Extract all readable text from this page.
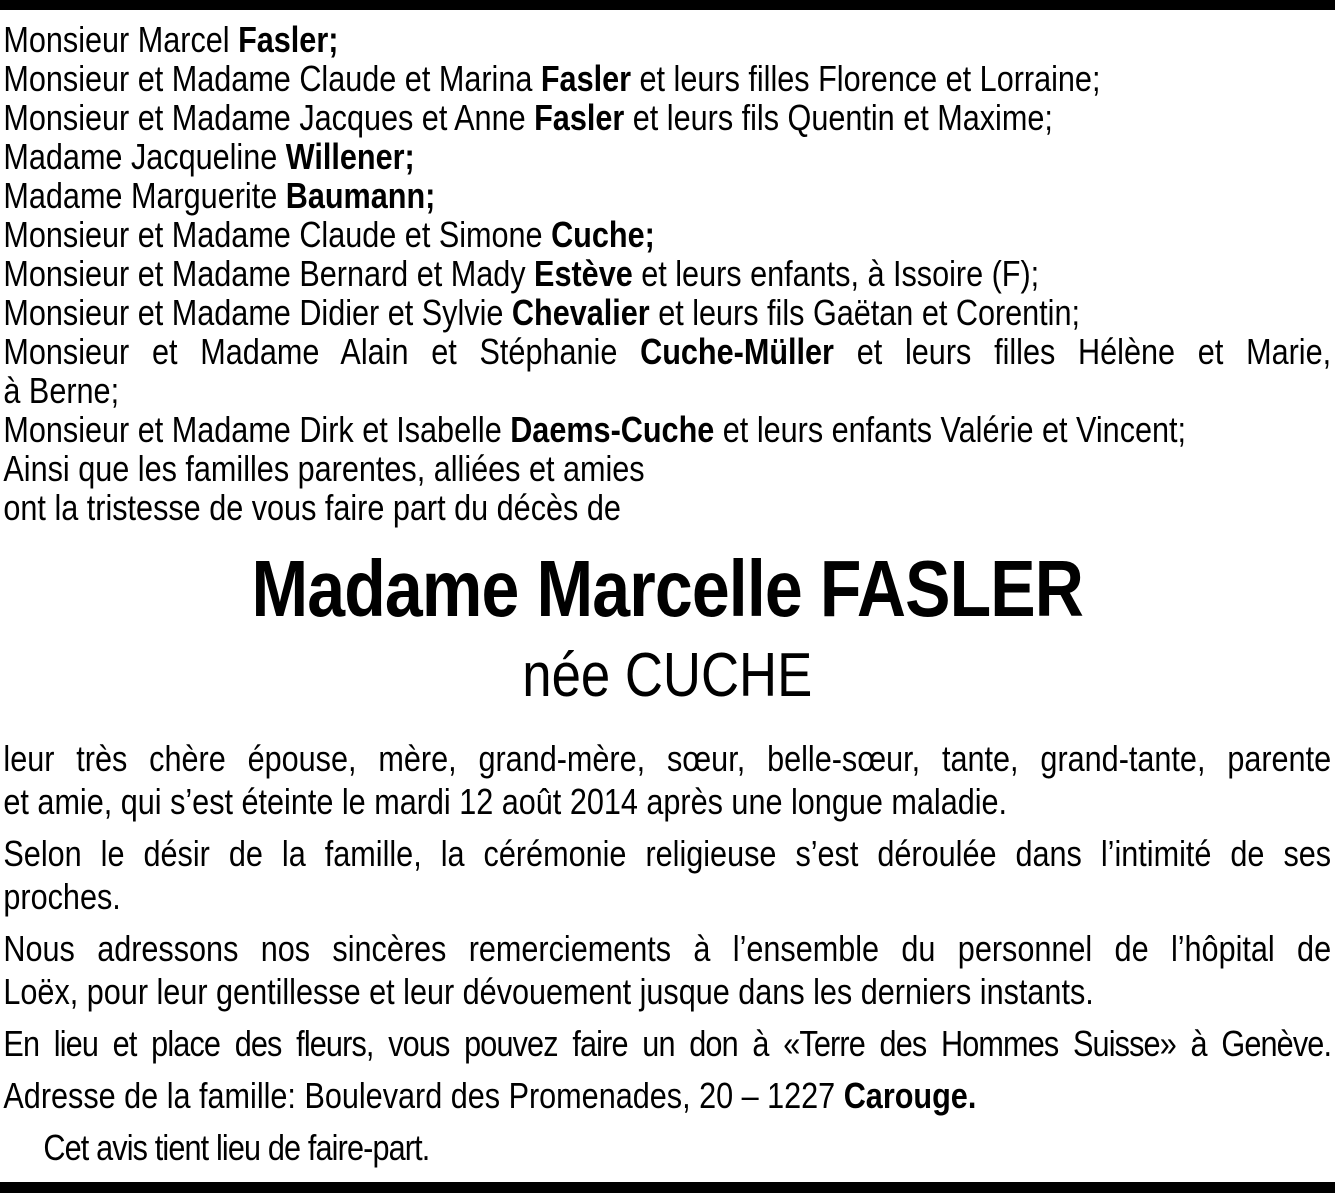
Monsieur Marcel Fasler;
Monsieur et Madame Claude et Marina Fasler et leurs filles Florence et Lorraine;
Monsieur et Madame Jacques et Anne Fasler et leurs fils Quentin et Maxime;
Madame Jacqueline Willener;
Madame Marguerite Baumann;
Monsieur et Madame Claude et Simone Cuche;
Monsieur et Madame Bernard et Mady Estève et leurs enfants, à Issoire (F);
Monsieur et Madame Didier et Sylvie Chevalier et leurs fils Gaëtan et Corentin;
Monsieur et Madame Alain et Stéphanie Cuche-Müller et leurs filles Hélène et Marie,
à Berne;
Monsieur et Madame Dirk et Isabelle Daems-Cuche et leurs enfants Valérie et Vincent;
Ainsi que les familles parentes, alliées et amies
ont la tristesse de vous faire part du décès de
Madame Marcelle FASLER
née CUCHE
leur très chère épouse, mère, grand-mère, sœur, belle-sœur, tante, grand-tante, parente
et amie, qui s’est éteinte le mardi 12 août 2014 après une longue maladie.
Selon le désir de la famille, la cérémonie religieuse s’est déroulée dans l’intimité de ses
proches.
Nous adressons nos sincères remerciements à l’ensemble du personnel de l’hôpital de
Loëx, pour leur gentillesse et leur dévouement jusque dans les derniers instants.
En lieu et place des fleurs, vous pouvez faire un don à «Terre des Hommes Suisse» à Genève.
Adresse de la famille: Boulevard des Promenades, 20 – 1227 Carouge.
Cet avis tient lieu de faire-part.
